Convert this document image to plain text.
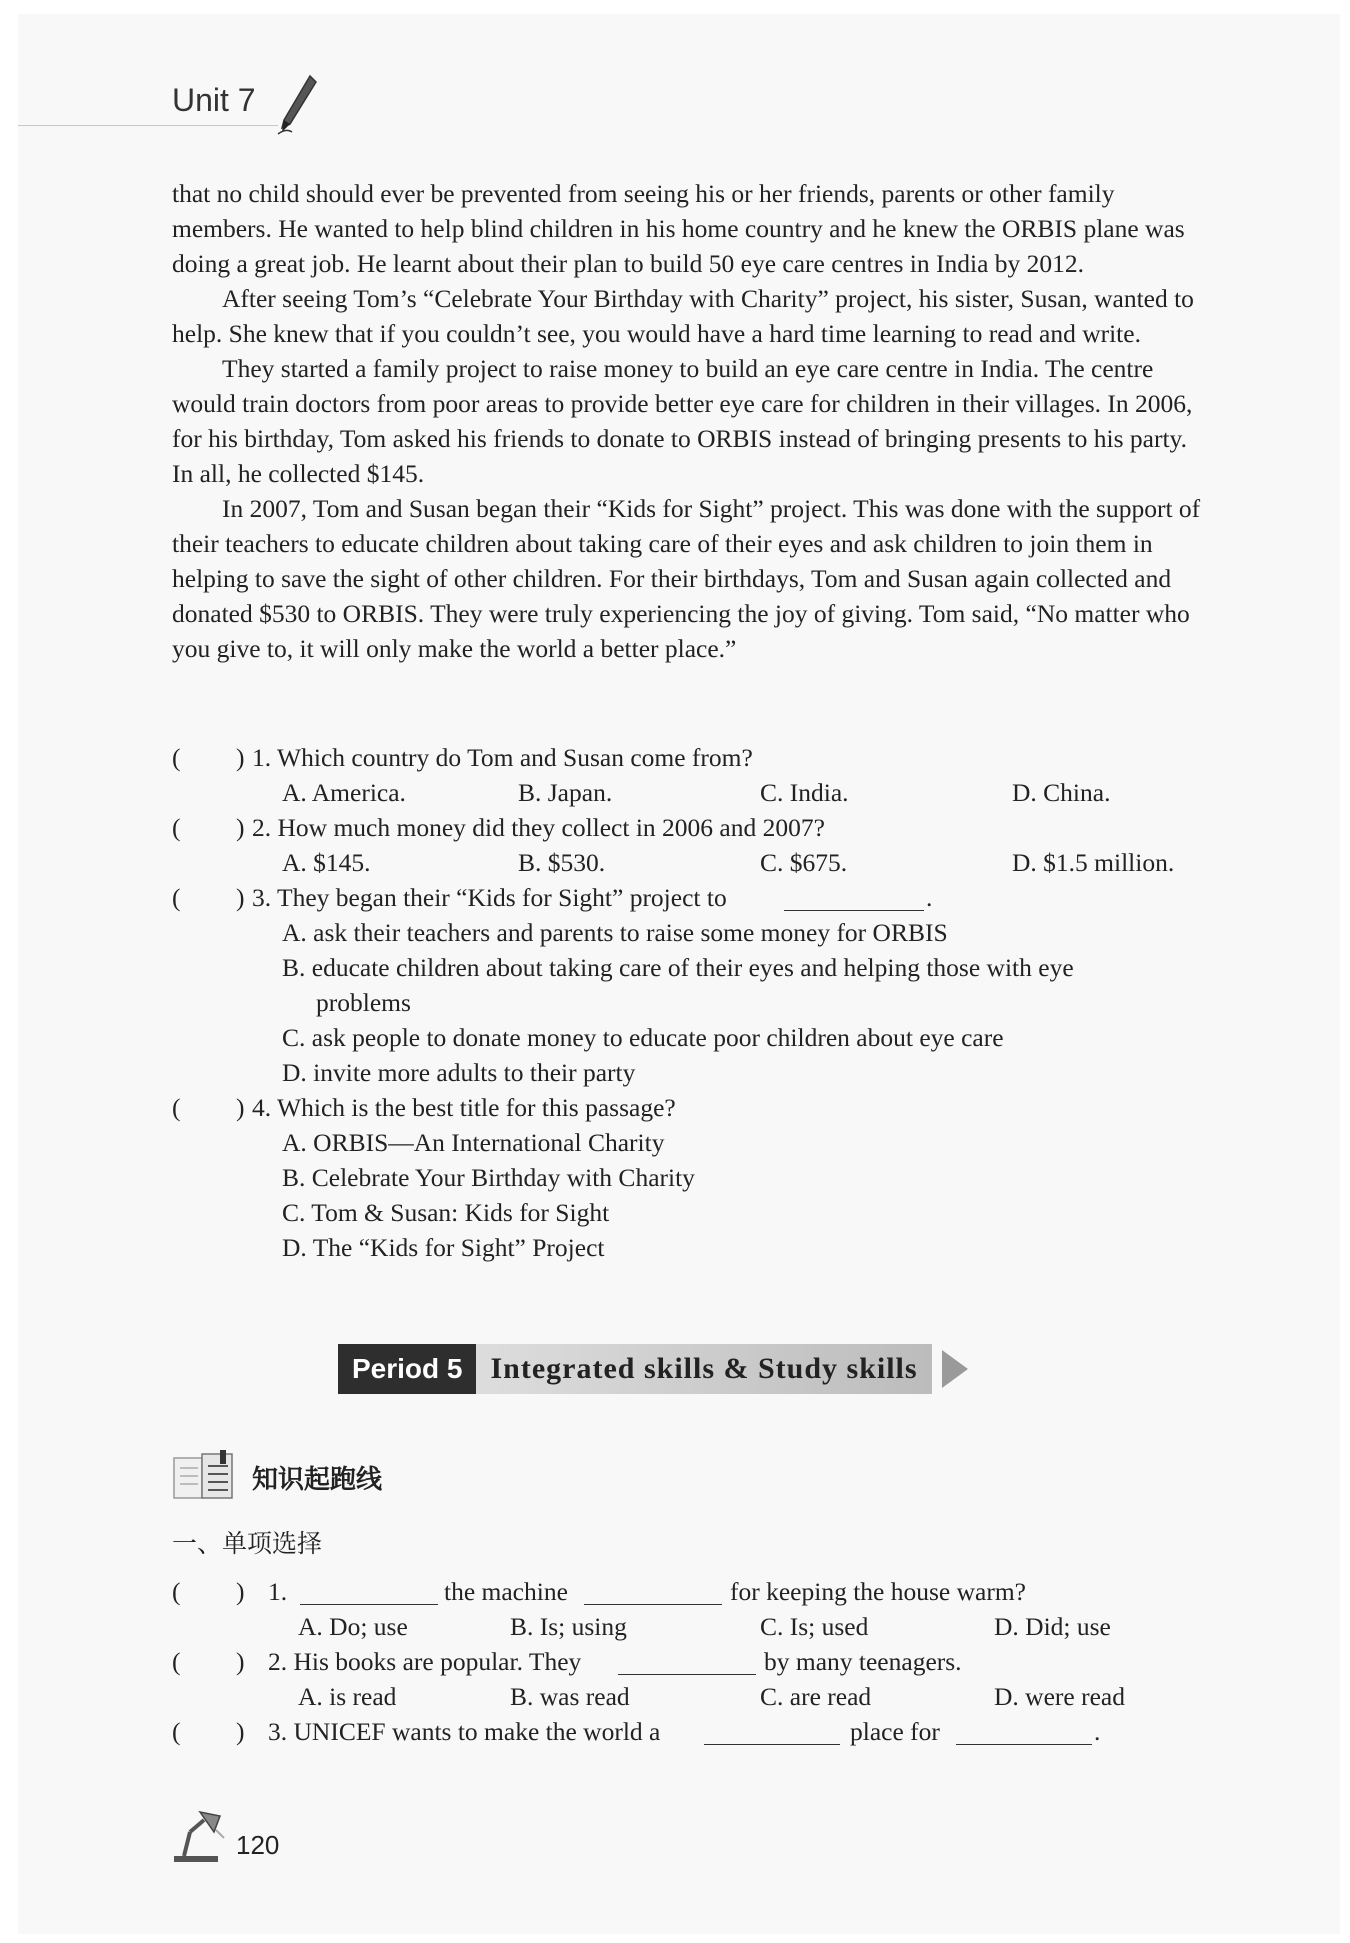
Unit 7

that no child should ever be prevented from seeing his or her friends, parents or other family members. He wanted to help blind children in his home country and he knew the ORBIS plane was doing a great job. He learnt about their plan to build 50 eye care centres in India by 2012.

After seeing Tom’s “Celebrate Your Birthday with Charity” project, his sister, Susan, wanted to help. She knew that if you couldn’t see, you would have a hard time learning to read and write.

They started a family project to raise money to build an eye care centre in India. The centre would train doctors from poor areas to provide better eye care for children in their villages. In 2006, for his birthday, Tom asked his friends to donate to ORBIS instead of bringing presents to his party. In all, he collected $145.

In 2007, Tom and Susan began their “Kids for Sight” project. This was done with the support of their teachers to educate children about taking care of their eyes and ask children to join them in helping to save the sight of other children. For their birthdays, Tom and Susan again collected and donated $530 to ORBIS. They were truly experiencing the joy of giving. Tom said, “No matter who you give to, it will only make the world a better place.”

( ) 1. Which country do Tom and Susan come from?
A. America.	B. Japan.	C. India.	D. China.
( ) 2. How much money did they collect in 2006 and 2007?
A. $145.	B. $530.	C. $675.	D. $1.5 million.
( ) 3. They began their “Kids for Sight” project to	.
A. ask their teachers and parents to raise some money for ORBIS
B. educate children about taking care of their eyes and helping those with eye
problems
C. ask people to donate money to educate poor children about eye care
D. invite more adults to their party
( ) 4. Which is the best title for this passage?
A. ORBIS—An International Charity
B. Celebrate Your Birthday with Charity
C. Tom & Susan: Kids for Sight
D. The “Kids for Sight” Project
Period 5 Integrated skills & Study skills
知识起跑线
一、单项选择
( ) 1.	the machine	for keeping the house warm?
A. Do; use	B. Is; using	C. Is; used	D. Did; use
( ) 2. His books are popular. They	by many teenagers.
A. is read	B. was read	C. are read	D. were read
( ) 3. UNICEF wants to make the world a	place for	.
120
